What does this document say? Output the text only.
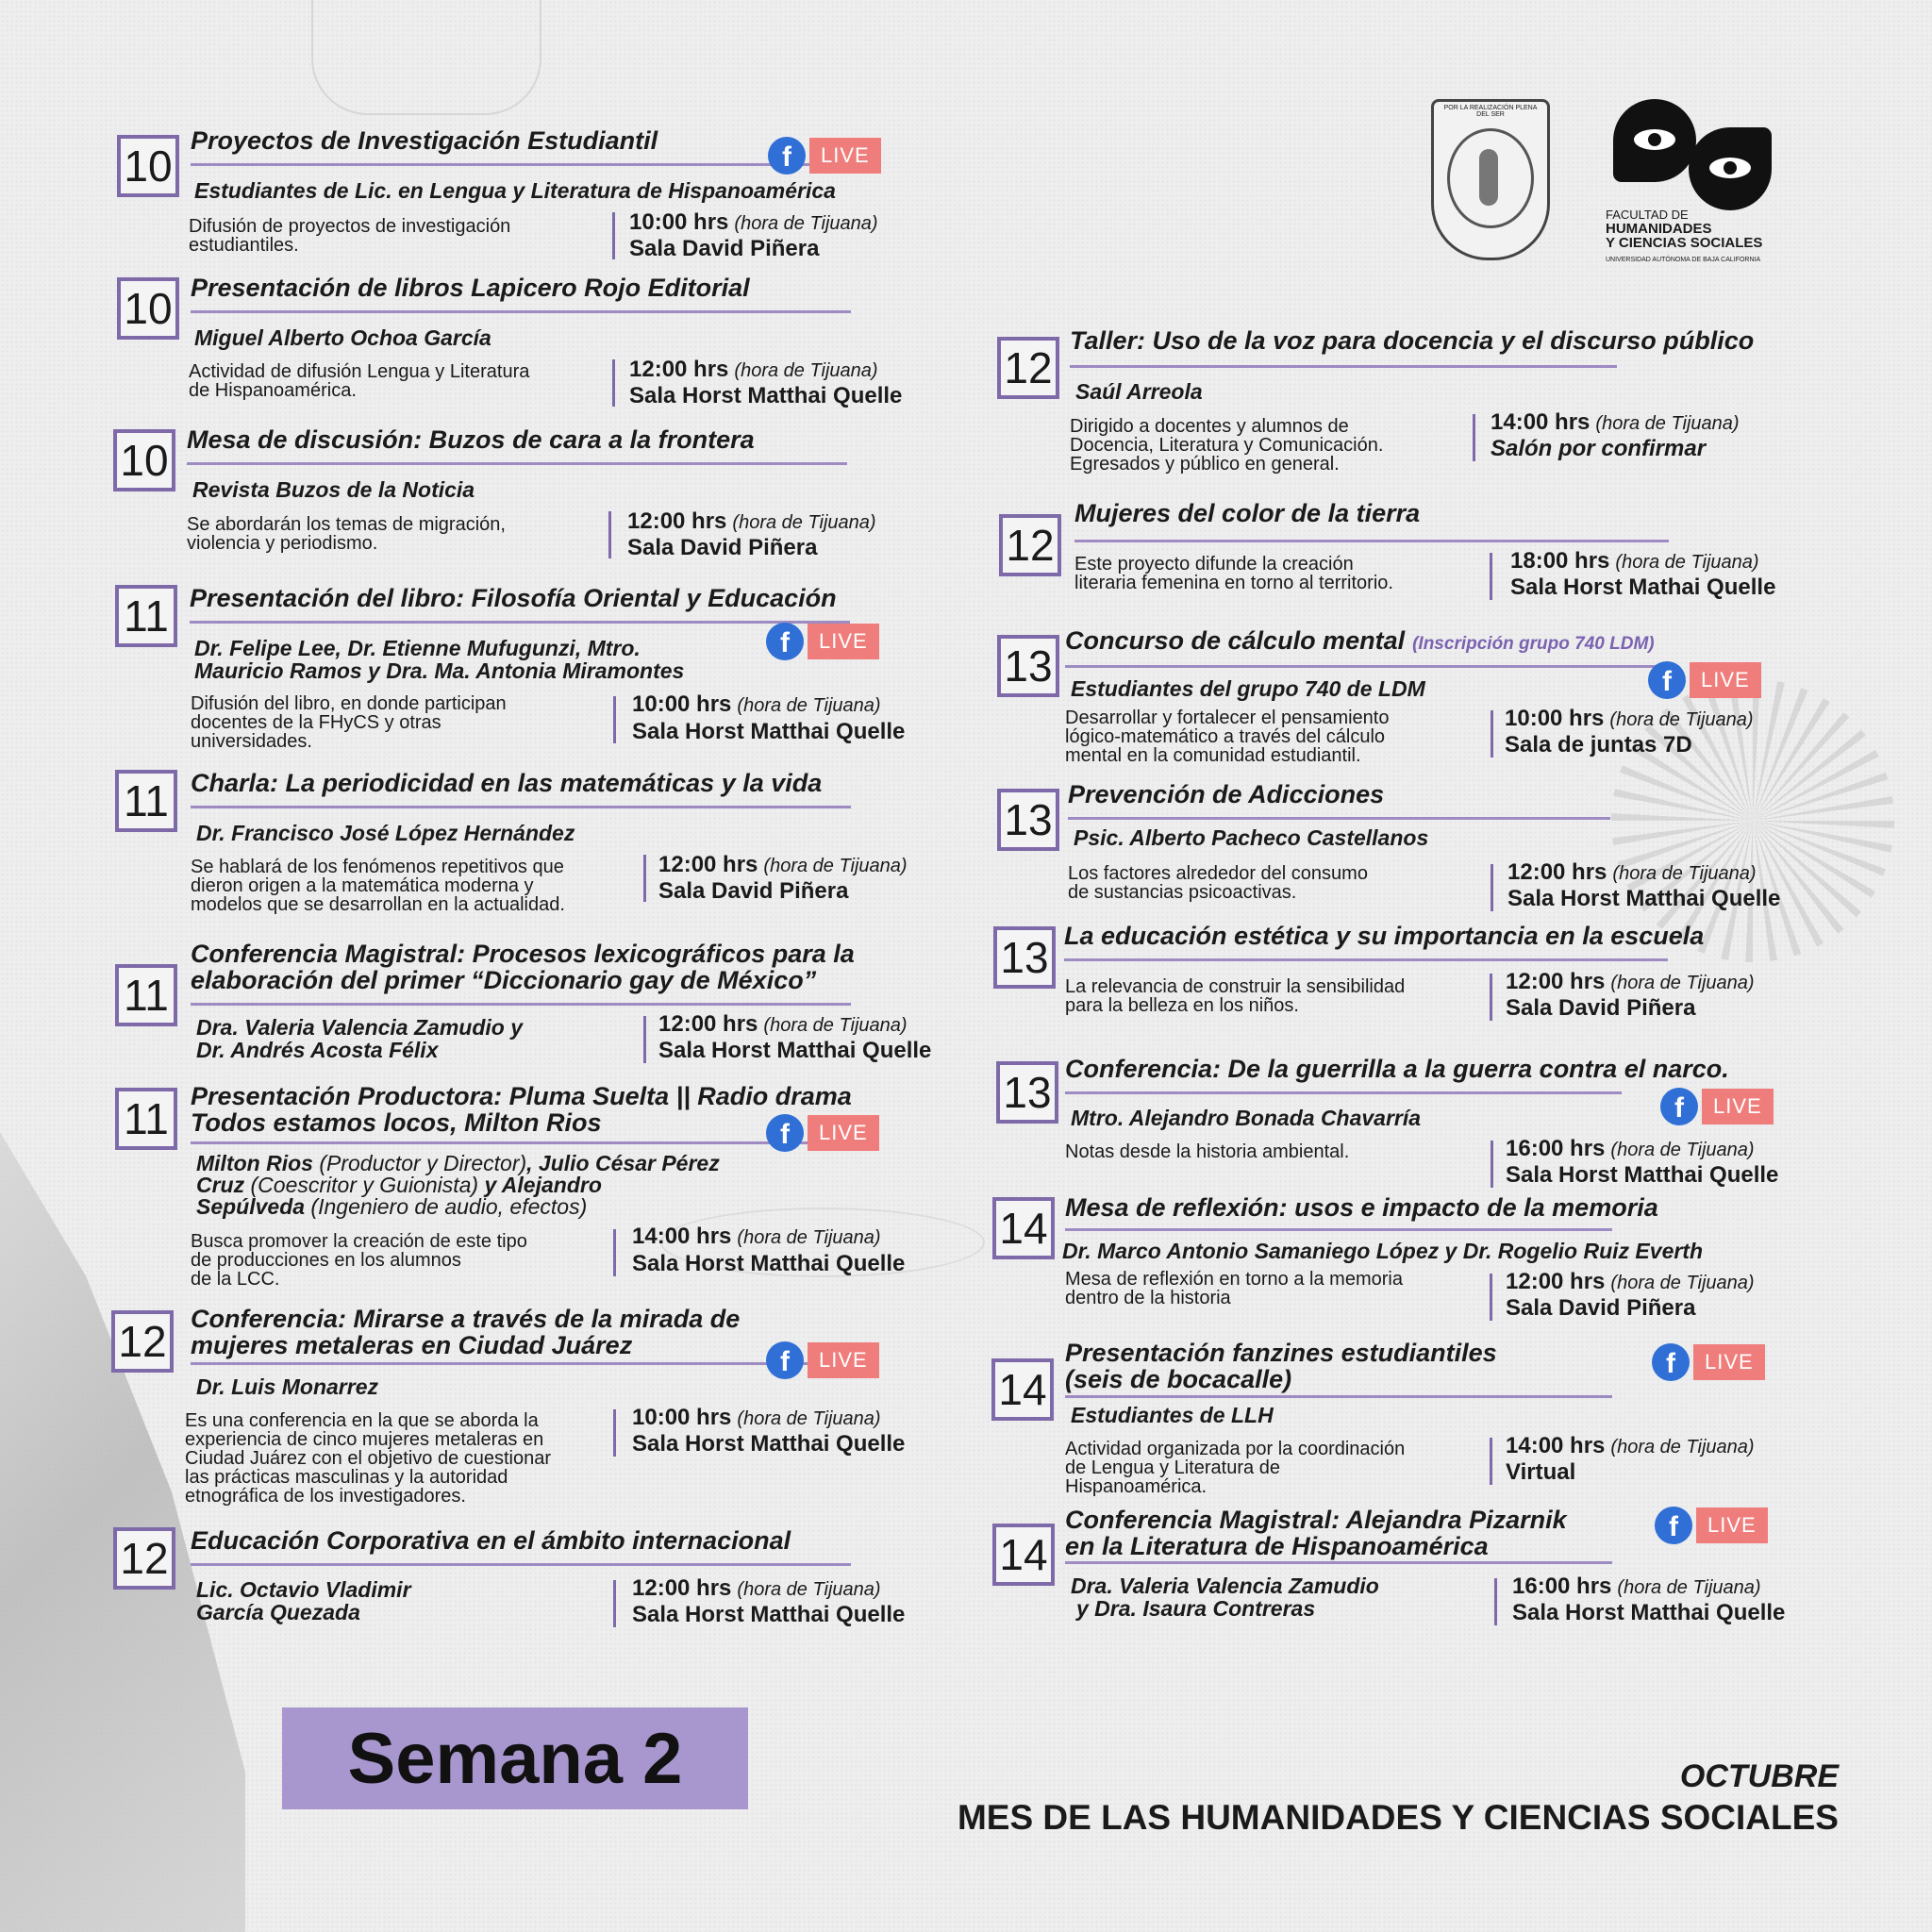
POR LA REALIZACIÓN PLENA DEL SER
FACULTAD DE
HUMANIDADES
Y CIENCIAS SOCIALES
UNIVERSIDAD AUTÓNOMA DE BAJA CALIFORNIA
10
Proyectos de Investigación Estudiantil
f	LIVE
Estudiantes de Lic. en Lengua y Literatura de Hispanoamérica
Difusión de proyectos de investigación
estudiantiles.
10:00 hrs (hora de Tijuana)
Sala David Piñera
10 Presentación de libros Lapicero Rojo Editorial
Miguel Alberto Ochoa García
Actividad de difusión Lengua y Literatura
de Hispanoamérica.
12:00 hrs (hora de Tijuana)
Sala Horst Matthai Quelle
10 Mesa de discusión: Buzos de cara a la frontera
Revista Buzos de la Noticia
Se abordarán los temas de migración,
violencia y periodismo.
12:00 hrs (hora de Tijuana)
Sala David Piñera
11 Presentación del libro: Filosofía Oriental y Educación
f	LIVE
Dr. Felipe Lee, Dr. Etienne Mufugunzi, Mtro.
Mauricio Ramos y Dra. Ma. Antonia Miramontes
Difusión del libro, en donde participan
docentes de la FHyCS y otras
universidades.
10:00 hrs (hora de Tijuana)
Sala Horst Matthai Quelle
11 Charla: La periodicidad en las matemáticas y la vida
Dr. Francisco José López Hernández
Se hablará de los fenómenos repetitivos que
dieron origen a la matemática moderna y
modelos que se desarrollan en la actualidad.
12:00 hrs (hora de Tijuana)
Sala David Piñera
11
Conferencia Magistral: Procesos lexicográficos para la
elaboración del primer “Diccionario gay de México”
Dra. Valeria Valencia Zamudio y
Dr. Andrés Acosta Félix
12:00 hrs (hora de Tijuana)
Sala Horst Matthai Quelle
11 Presentación Productora: Pluma Suelta || Radio drama
Todos estamos locos, Milton Rios	f	LIVE
Milton Rios (Productor y Director), Julio César Pérez
Cruz (Coescritor y Guionista) y Alejandro
Sepúlveda (Ingeniero de audio, efectos)
Busca promover la creación de este tipo
de producciones en los alumnos
de la LCC.
14:00 hrs (hora de Tijuana)
Sala Horst Matthai Quelle
12 Conferencia: Mirarse a través de la mirada de
mujeres metaleras en Ciudad Juárez
f	LIVE
Dr. Luis Monarrez
Es una conferencia en la que se aborda la
experiencia de cinco mujeres metaleras en
Ciudad Juárez con el objetivo de cuestionar
las prácticas masculinas y la autoridad
etnográfica de los investigadores.
10:00 hrs (hora de Tijuana)
Sala Horst Matthai Quelle
12 Educación Corporativa en el ámbito internacional
Lic. Octavio Vladimir
García Quezada
12:00 hrs (hora de Tijuana)
Sala Horst Matthai Quelle
12
Taller: Uso de la voz para docencia y el discurso público
Saúl Arreola
Dirigido a docentes y alumnos de
Docencia, Literatura y Comunicación.
Egresados y público en general.
14:00 hrs (hora de Tijuana)
Salón por confirmar
12
Mujeres del color de la tierra
Este proyecto difunde la creación
literaria femenina en torno al territorio.
18:00 hrs (hora de Tijuana)
Sala Horst Mathai Quelle
13
Concurso de cálculo mental (Inscripción grupo 740 LDM)
f	LIVE
Estudiantes del grupo 740 de LDM
Desarrollar y fortalecer el pensamiento
lógico-matemático a través del cálculo
mental en la comunidad estudiantil.
10:00 hrs (hora de Tijuana)
Sala de juntas 7D
13
Prevención de Adicciones
Psic. Alberto Pacheco Castellanos
Los factores alrededor del consumo
de sustancias psicoactivas.
12:00 hrs (hora de Tijuana)
Sala Horst Matthai Quelle
13 La educación estética y su importancia en la escuela
La relevancia de construir la sensibilidad
para la belleza en los niños.
12:00 hrs (hora de Tijuana)
Sala David Piñera
13 Conferencia: De la guerrilla a la guerra contra el narco.
f	LIVE
Mtro. Alejandro Bonada Chavarría
Notas desde la historia ambiental.	16:00 hrs (hora de Tijuana)
Sala Horst Matthai Quelle
14 Mesa de reflexión: usos e impacto de la memoria
Dr. Marco Antonio Samaniego López y Dr. Rogelio Ruiz Everth
Mesa de reflexión en torno a la memoria
dentro de la historia
12:00 hrs (hora de Tijuana)
Sala David Piñera
14
Presentación fanzines estudiantiles
(seis de bocacalle)	f	LIVE
Estudiantes de LLH
Actividad organizada por la coordinación
de Lengua y Literatura de
Hispanoamérica.
14:00 hrs (hora de Tijuana)
Virtual
14
Conferencia Magistral: Alejandra Pizarnik
en la Literatura de Hispanoamérica
f	LIVE
Dra. Valeria Valencia Zamudio
y Dra. Isaura Contreras
16:00 hrs (hora de Tijuana)
Sala Horst Matthai Quelle
Semana 2	OCTUBRE
MES DE LAS HUMANIDADES Y CIENCIAS SOCIALES
